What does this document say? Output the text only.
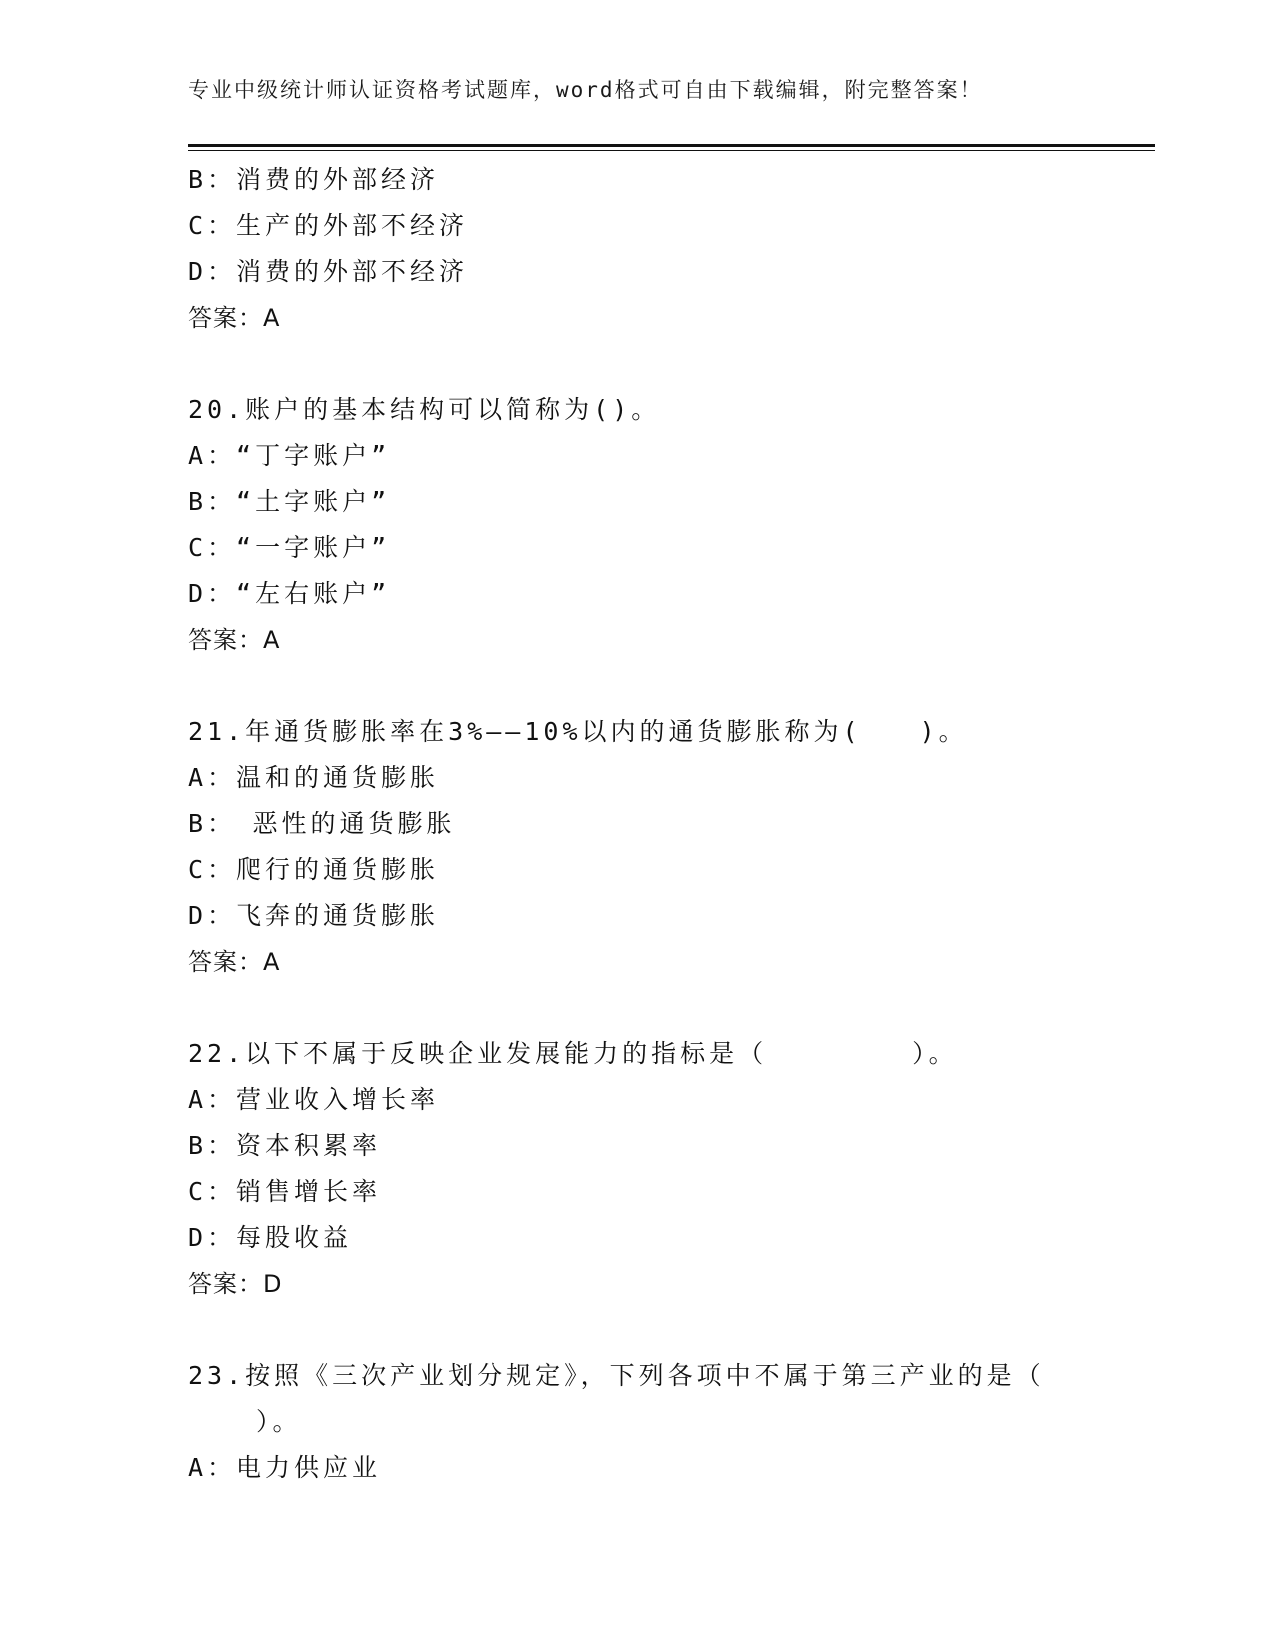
专业中级统计师认证资格考试题库，word格式可自由下载编辑，附完整答案！
B：消费的外部经济
C：生产的外部不经济
D：消费的外部不经济
答案：A
20.账户的基本结构可以简称为()。
A：“丁字账户”
B：“土字账户”
C：“一字账户”
D：“左右账户”
答案：A
21.年通货膨胀率在3%——10%以内的通货膨胀称为(　　)。
A：温和的通货膨胀
B：　恶性的通货膨胀
C：爬行的通货膨胀
D：飞奔的通货膨胀
答案：A
22.以下不属于反映企业发展能力的指标是（　　　　　）。
A：营业收入增长率
B：资本积累率
C：销售增长率
D：每股收益
答案：D
23.按照《三次产业划分规定》，下列各项中不属于第三产业的是（
）。
A：电力供应业
